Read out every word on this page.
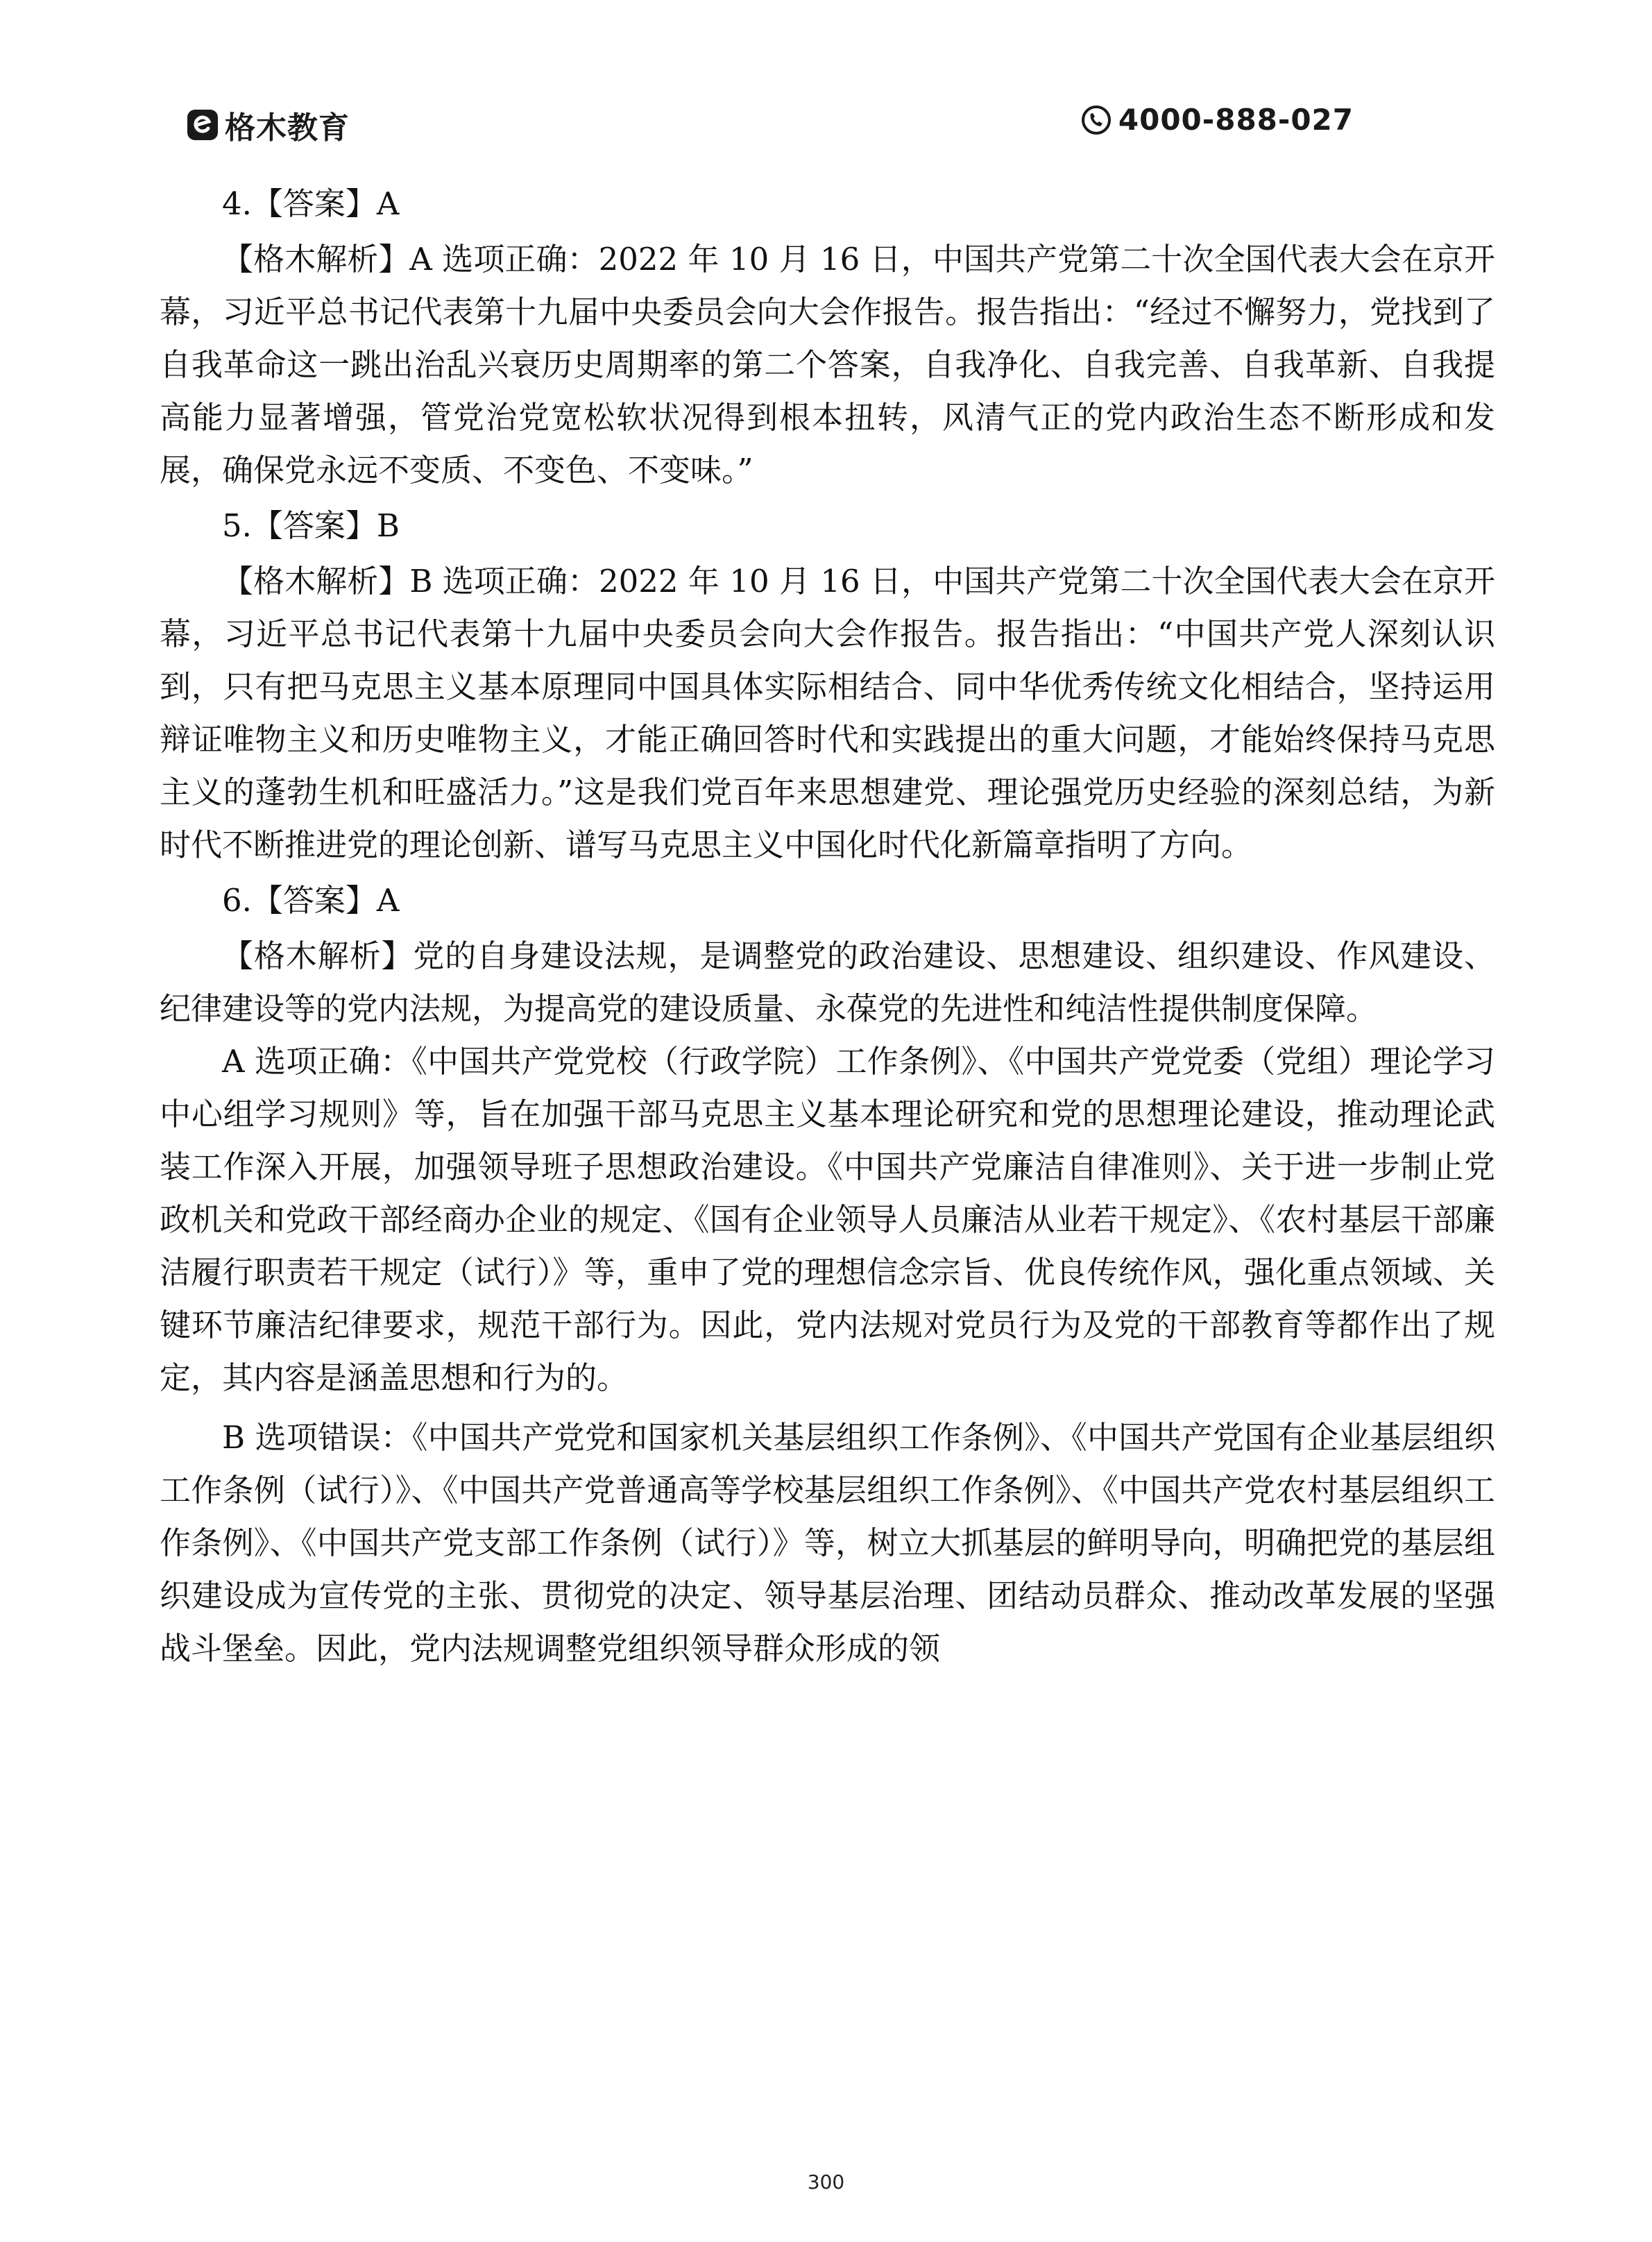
格木教育	4000-888-027

4.【答案】A

【格木解析】A 选项正确：2022 年 10 月 16 日，中国共产党第二十次全国代表大会在京开幕，习近平总书记代表第十九届中央委员会向大会作报告。报告指出：“经过不懈努力，党找到了自我革命这一跳出治乱兴衰历史周期率的第二个答案，自我净化、自我完善、自我革新、自我提高能力显著增强，管党治党宽松软状况得到根本扭转，风清气正的党内政治生态不断形成和发展，确保党永远不变质、不变色、不变味。”

5.【答案】B

【格木解析】B 选项正确：2022 年 10 月 16 日，中国共产党第二十次全国代表大会在京开幕，习近平总书记代表第十九届中央委员会向大会作报告。报告指出：“中国共产党人深刻认识到，只有把马克思主义基本原理同中国具体实际相结合、同中华优秀传统文化相结合，坚持运用辩证唯物主义和历史唯物主义，才能正确回答时代和实践提出的重大问题，才能始终保持马克思主义的蓬勃生机和旺盛活力。”这是我们党百年来思想建党、理论强党历史经验的深刻总结，为新时代不断推进党的理论创新、谱写马克思主义中国化时代化新篇章指明了方向。

6.【答案】A

【格木解析】党的自身建设法规，是调整党的政治建设、思想建设、组织建设、作风建设、纪律建设等的党内法规，为提高党的建设质量、永葆党的先进性和纯洁性提供制度保障。

A 选项正确：《中国共产党党校（行政学院）工作条例》、《中国共产党党委（党组）理论学习中心组学习规则》等，旨在加强干部马克思主义基本理论研究和党的思想理论建设，推动理论武装工作深入开展，加强领导班子思想政治建设。《中国共产党廉洁自律准则》、关于进一步制止党政机关和党政干部经商办企业的规定、《国有企业领导人员廉洁从业若干规定》、《农村基层干部廉洁履行职责若干规定（试行）》等，重申了党的理想信念宗旨、优良传统作风，强化重点领域、关键环节廉洁纪律要求，规范干部行为。因此，党内法规对党员行为及党的干部教育等都作出了规定，其内容是涵盖思想和行为的。

B 选项错误：《中国共产党党和国家机关基层组织工作条例》、《中国共产党国有企业基层组织工作条例（试行）》、《中国共产党普通高等学校基层组织工作条例》、《中国共产党农村基层组织工作条例》、《中国共产党支部工作条例（试行）》等，树立大抓基层的鲜明导向，明确把党的基层组织建设成为宣传党的主张、贯彻党的决定、领导基层治理、团结动员群众、推动改革发展的坚强战斗堡垒。因此，党内法规调整党组织领导群众形成的领

300
